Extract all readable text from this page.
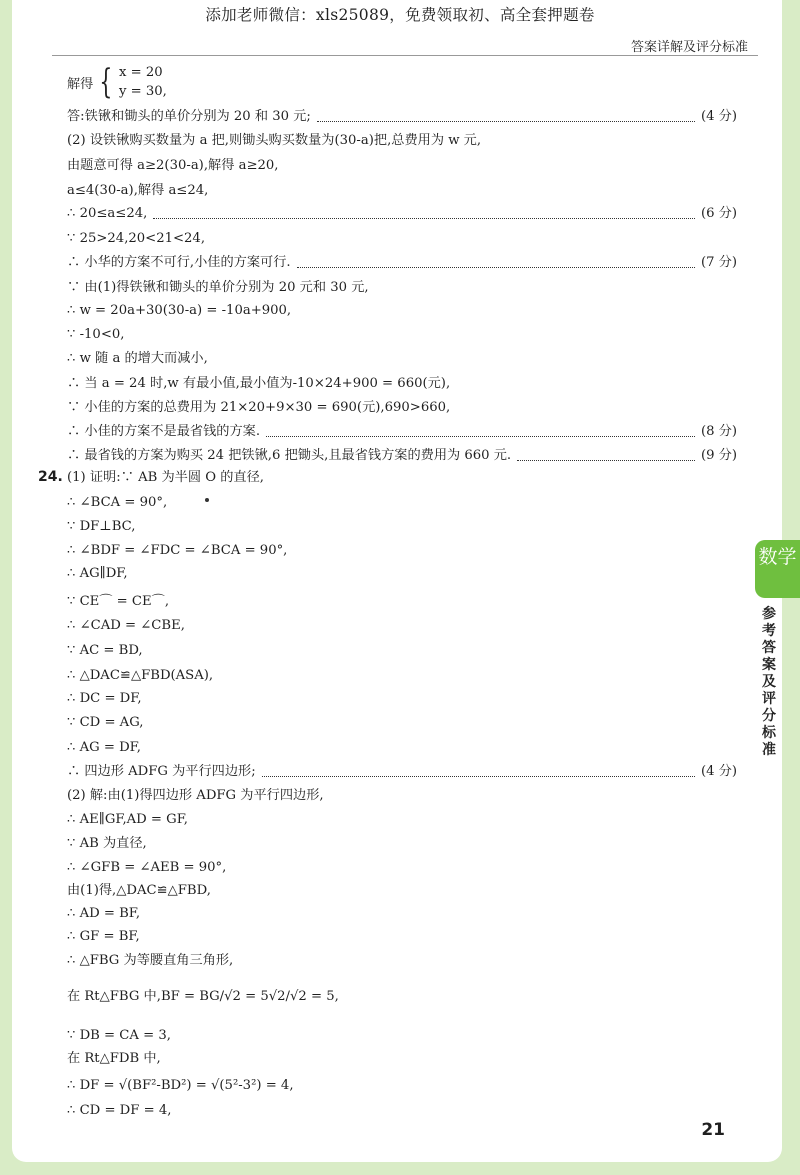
添加老师微信：xls25089，免费领取初、高全套押题卷
答案详解及评分标准
解得 { x = 20
y = 30,
答:铁锹和锄头的单价分别为 20 和 30 元;	(4 分)
(2) 设铁锹购买数量为 a 把,则锄头购买数量为(30-a)把,总费用为 w 元,
由题意可得 a≥2(30-a),解得 a≥20,
a≤4(30-a),解得 a≤24,
∴ 20≤a≤24,	(6 分)
∵ 25>24,20<21<24,
∴ 小华的方案不可行,小佳的方案可行.	(7 分)
∵ 由(1)得铁锹和锄头的单价分别为 20 元和 30 元,
∴ w = 20a+30(30-a) = -10a+900,
∵ -10<0,
∴ w 随 a 的增大而减小,
∴ 当 a = 24 时,w 有最小值,最小值为-10×24+900 = 660(元),
∵ 小佳的方案的总费用为 21×20+9×30 = 690(元),690>660,
∴ 小佳的方案不是最省钱的方案.	(8 分)
∴ 最省钱的方案为购买 24 把铁锹,6 把锄头,且最省钱方案的费用为 660 元.	(9 分)
24. (1) 证明:∵ AB 为半圆 O 的直径,
∴ ∠BCA = 90°,
∵ DF⊥BC,
∴ ∠BDF = ∠FDC = ∠BCA = 90°,
∴ AG∥DF,
∵ CE⌒ = CE⌒,
∴ ∠CAD = ∠CBE,
∵ AC = BD,
∴ △DAC≌△FBD(ASA),
∴ DC = DF,
∵ CD = AG,
∴ AG = DF,
∴ 四边形 ADFG 为平行四边形;	(4 分)
(2) 解:由(1)得四边形 ADFG 为平行四边形,
∴ AE∥GF,AD = GF,
∵ AB 为直径,
∴ ∠GFB = ∠AEB = 90°,
由(1)得,△DAC≌△FBD,
∴ AD = BF,
∴ GF = BF,
∴ △FBG 为等腰直角三角形,
在 Rt△FBG 中,BF = BG/√2 = 5√2/√2 = 5,
∵ DB = CA = 3,
在 Rt△FDB 中,
∴ DF = √(BF²-BD²) = √(5²-3²) = 4,
∴ CD = DF = 4,
数学
参考答案及评分标准
21
